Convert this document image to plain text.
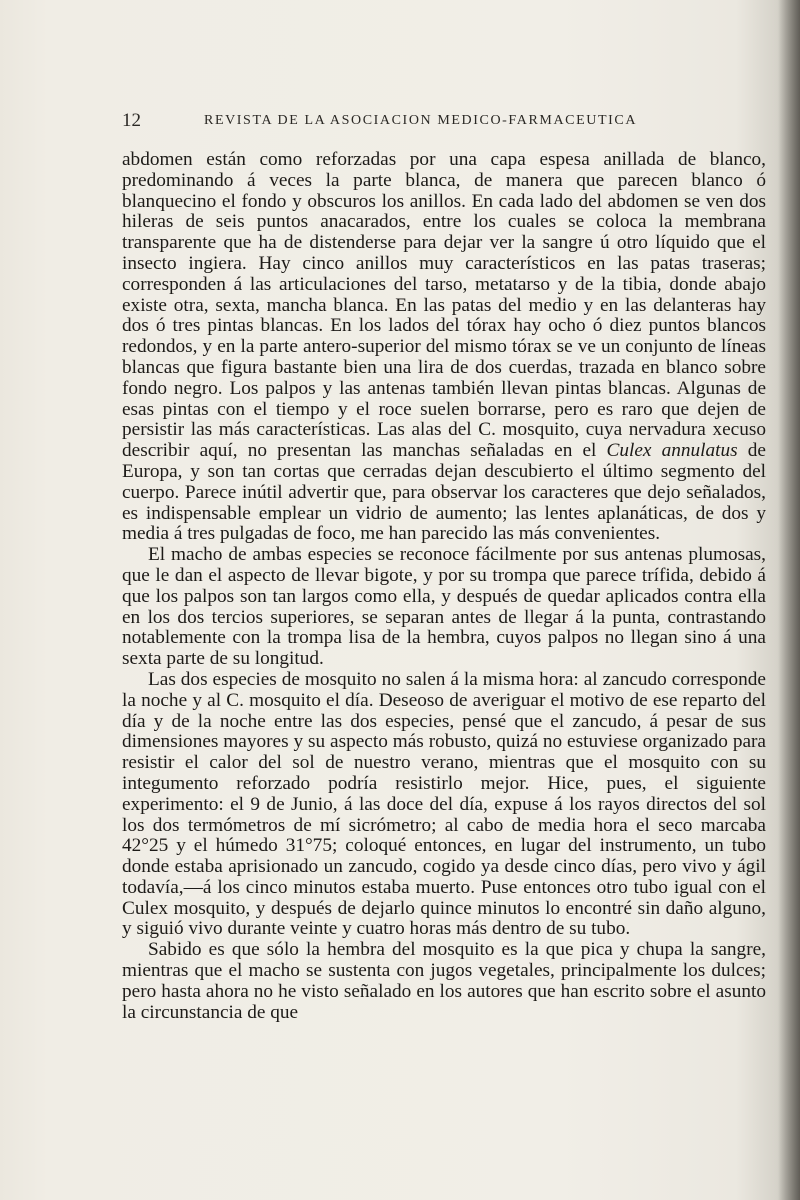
12	REVISTA DE LA ASOCIACION MEDICO-FARMACEUTICA

abdomen están como reforzadas por una capa espesa anillada de blanco, predominando á veces la parte blanca, de manera que parecen blanco ó blanquecino el fondo y obscuros los anillos. En cada lado del abdomen se ven dos hileras de seis puntos anacarados, entre los cuales se coloca la membrana transparente que ha de distenderse para dejar ver la sangre ú otro líquido que el insecto ingiera. Hay cinco anillos muy característicos en las patas traseras; corresponden á las articulaciones del tarso, metatarso y de la tibia, donde abajo existe otra, sexta, mancha blanca. En las patas del medio y en las delanteras hay dos ó tres pintas blancas. En los lados del tórax hay ocho ó diez puntos blancos redondos, y en la parte antero-superior del mismo tórax se ve un conjunto de líneas blancas que figura bastante bien una lira de dos cuerdas, trazada en blanco sobre fondo negro. Los palpos y las antenas también llevan pintas blancas. Algunas de esas pintas con el tiempo y el roce suelen borrarse, pero es raro que dejen de persistir las más características. Las alas del C. mosquito, cuya nervadura xecuso describir aquí, no presentan las manchas señaladas en el Culex annulatus de Europa, y son tan cortas que cerradas dejan descubierto el último segmento del cuerpo. Parece inútil advertir que, para observar los caracteres que dejo señalados, es indispensable emplear un vidrio de aumento; las lentes aplanáticas, de dos y media á tres pulgadas de foco, me han parecido las más convenientes.

El macho de ambas especies se reconoce fácilmente por sus antenas plumosas, que le dan el aspecto de llevar bigote, y por su trompa que parece trífida, debido á que los palpos son tan largos como ella, y después de quedar aplicados contra ella en los dos tercios superiores, se separan antes de llegar á la punta, contrastando notablemente con la trompa lisa de la hembra, cuyos palpos no llegan sino á una sexta parte de su longitud.

Las dos especies de mosquito no salen á la misma hora: al zancudo corresponde la noche y al C. mosquito el día. Deseoso de averiguar el motivo de ese reparto del día y de la noche entre las dos especies, pensé que el zancudo, á pesar de sus dimensiones mayores y su aspecto más robusto, quizá no estuviese organizado para resistir el calor del sol de nuestro verano, mientras que el mosquito con su integumento reforzado podría resistirlo mejor. Hice, pues, el siguiente experimento: el 9 de Junio, á las doce del día, expuse á los rayos directos del sol los dos termómetros de mí sicrómetro; al cabo de media hora el seco marcaba 42°25 y el húmedo 31°75; coloqué entonces, en lugar del instrumento, un tubo donde estaba aprisionado un zancudo, cogido ya desde cinco días, pero vivo y ágil todavía,—á los cinco minutos estaba muerto. Puse entonces otro tubo igual con el Culex mosquito, y después de dejarlo quince minutos lo encontré sin daño alguno, y siguió vivo durante veinte y cuatro horas más dentro de su tubo.

Sabido es que sólo la hembra del mosquito es la que pica y chupa la sangre, mientras que el macho se sustenta con jugos vegetales, principalmente los dulces; pero hasta ahora no he visto señalado en los autores que han escrito sobre el asunto la circunstancia de que
